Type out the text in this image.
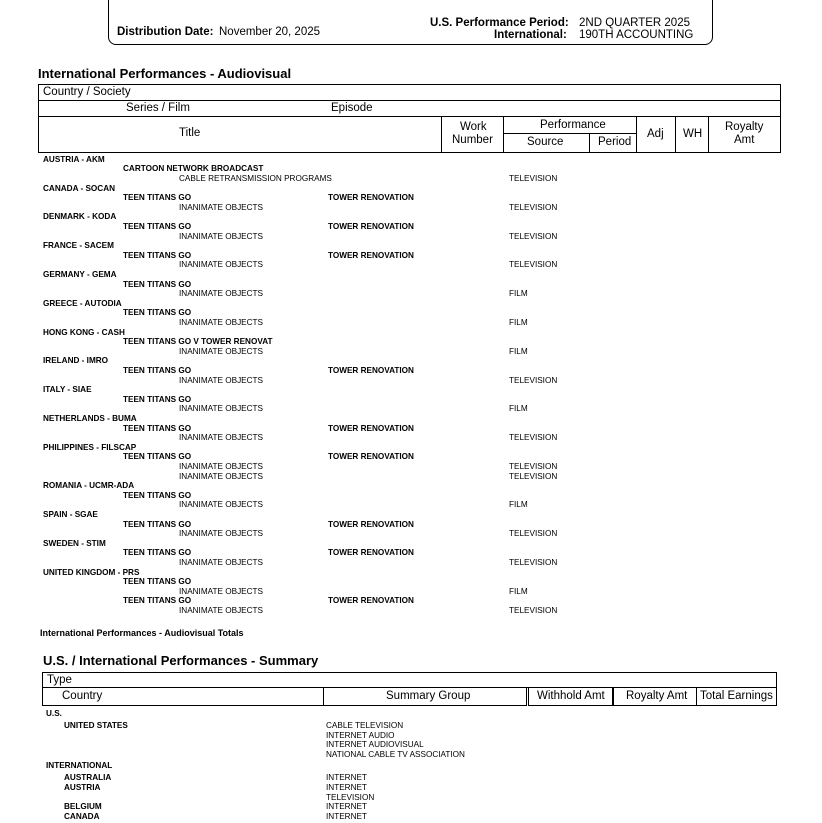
Distribution Date: November 20, 2025
U.S. Performance Period: 2ND QUARTER 2025
International: 190TH ACCOUNTING
International Performances - Audiovisual
Country / Society
Series / Film	Episode
Title	Work
Number
Performance
Source	Period
Adj WH
Royalty
Amt
AUSTRIA - AKM
CARTOON NETWORK BROADCAST
CABLE RETRANSMISSION PROGRAMS	TELEVISION
CANADA - SOCAN
TEEN TITANS GO	TOWER RENOVATION
INANIMATE OBJECTS	TELEVISION
DENMARK - KODA
TEEN TITANS GO	TOWER RENOVATION
INANIMATE OBJECTS	TELEVISION
FRANCE - SACEM
TEEN TITANS GO	TOWER RENOVATION
INANIMATE OBJECTS	TELEVISION
GERMANY - GEMA
TEEN TITANS GO
INANIMATE OBJECTS	FILM
GREECE - AUTODIA
TEEN TITANS GO
INANIMATE OBJECTS	FILM
HONG KONG - CASH
TEEN TITANS GO V TOWER RENOVAT
INANIMATE OBJECTS	FILM
IRELAND - IMRO
TEEN TITANS GO	TOWER RENOVATION
INANIMATE OBJECTS	TELEVISION
ITALY - SIAE
TEEN TITANS GO
INANIMATE OBJECTS	FILM
NETHERLANDS - BUMA
TEEN TITANS GO	TOWER RENOVATION
INANIMATE OBJECTS	TELEVISION
PHILIPPINES - FILSCAP
TEEN TITANS GO	TOWER RENOVATION
INANIMATE OBJECTS	TELEVISION
INANIMATE OBJECTS	TELEVISION
ROMANIA - UCMR-ADA
TEEN TITANS GO
INANIMATE OBJECTS	FILM
SPAIN - SGAE
TEEN TITANS GO	TOWER RENOVATION
INANIMATE OBJECTS	TELEVISION
SWEDEN - STIM
TEEN TITANS GO	TOWER RENOVATION
INANIMATE OBJECTS	TELEVISION
UNITED KINGDOM - PRS
TEEN TITANS GO
INANIMATE OBJECTS	FILM
TEEN TITANS GO	TOWER RENOVATION
INANIMATE OBJECTS	TELEVISION
International Performances - Audiovisual Totals
U.S. / International Performances - Summary
Type
Country	Summary Group	Withhold Amt Royalty Amt Total Earnings
U.S.
UNITED STATES	CABLE TELEVISION
INTERNET AUDIO
INTERNET AUDIOVISUAL
NATIONAL CABLE TV ASSOCIATION
INTERNATIONAL
AUSTRALIA	INTERNET
AUSTRIA	INTERNET
TELEVISION
BELGIUM	INTERNET
CANADA	INTERNET
